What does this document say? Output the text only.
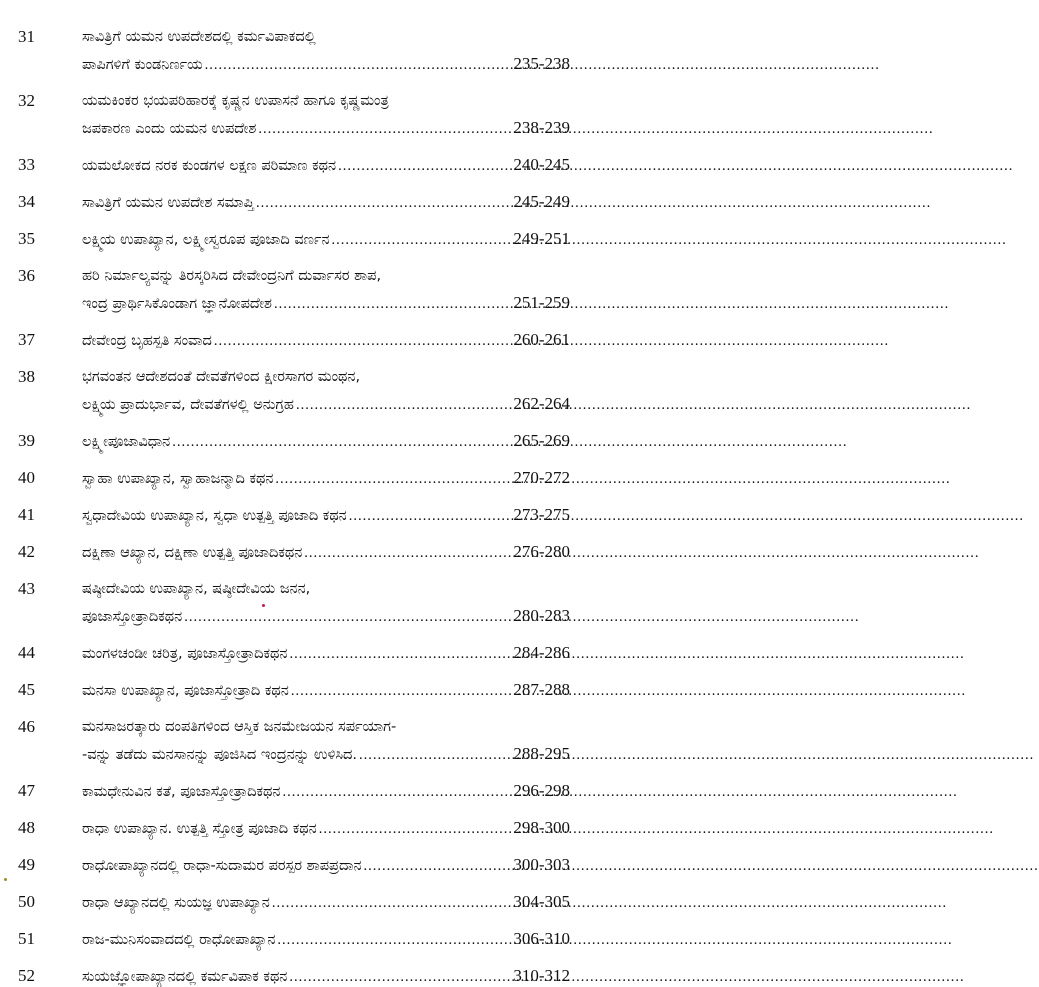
31	ಸಾವಿತ್ರಿಗೆ ಯಮನ ಉಪದೇಶದಲ್ಲಿ ಕರ್ಮವಿಪಾಕದಲ್ಲಿ
ಪಾಪಿಗಳಿಗೆ ಕುಂಡನಿರ್ಣಯ .....	235-238
32	ಯಮಕಿಂಕರ ಭಯಪರಿಹಾರಕ್ಕೆ ಕೃಷ್ಣನ ಉಪಾಸನೆ ಹಾಗೂ ಕೃಷ್ಣಮಂತ್ರ
ಜಪಕಾರಣ ಎಂದು ಯಮನ ಉಪದೇಶ .....	238-239
33	ಯಮಲೋಕದ ನರಕ ಕುಂಡಗಳ ಲಕ್ಷಣ ಪರಿಮಾಣ ಕಥನ .....	240-245
34	ಸಾವಿತ್ರಿಗೆ ಯಮನ ಉಪದೇಶ ಸಮಾಪ್ತಿ .....	245-249
35	ಲಕ್ಷ್ಮಿಯ ಉಪಾಖ್ಯಾನ, ಲಕ್ಷ್ಮೀಸ್ವರೂಪ ಪೂಜಾದಿ ವರ್ಣನ .....	249-251
36	ಹರಿ ನಿರ್ಮಾಲ್ಯವನ್ನು ತಿರಸ್ಕರಿಸಿದ ದೇವೇಂದ್ರನಿಗೆ ದುರ್ವಾಸರ ಶಾಪ,
ಇಂದ್ರ ಪ್ರಾರ್ಥಿಸಿಕೊಂಡಾಗ ಜ್ಞಾನೋಪದೇಶ .....	251-259
37	ದೇವೇಂದ್ರ ಬೃಹಸ್ಪತಿ ಸಂವಾದ .....	260-261
38	ಭಗವಂತನ ಆದೇಶದಂತೆ ದೇವತೆಗಳಿಂದ ಕ್ಷೀರಸಾಗರ ಮಂಥನ,
ಲಕ್ಷ್ಮಿಯ ಪ್ರಾದುರ್ಭಾವ, ದೇವತೆಗಳಲ್ಲಿ ಅನುಗ್ರಹ .....	262-264
39	ಲಕ್ಷ್ಮೀಪೂಜಾವಿಧಾನ .....	265-269
40	ಸ್ವಾಹಾ ಉಪಾಖ್ಯಾನ, ಸ್ವಾಹಾಜನ್ಮಾದಿ ಕಥನ .....	270-272
41	ಸ್ವಧಾದೇವಿಯ ಉಪಾಖ್ಯಾನ, ಸ್ವಧಾ ಉತ್ಪತ್ತಿ ಪೂಜಾದಿ ಕಥನ .....	273-275
42	ದಕ್ಷಿಣಾ ಆಖ್ಯಾನ, ದಕ್ಷಿಣಾ ಉತ್ಪತ್ತಿ ಪೂಜಾದಿಕಥನ .....	276-280
43	ಷಷ್ಠೀದೇವಿಯ ಉಪಾಖ್ಯಾನ, ಷಷ್ಠೀದೇವಿಯ ಜನನ,
ಪೂಜಾಸ್ತೋತ್ರಾದಿಕಥನ .....	280-283
44	ಮಂಗಳಚಂಡೀ ಚರಿತ್ರ, ಪೂಜಾಸ್ತೋತ್ರಾದಿಕಥನ .....	284-286
45	ಮನಸಾ ಉಪಾಖ್ಯಾನ, ಪೂಜಾಸ್ತೋತ್ರಾದಿ ಕಥನ .....	287-288
46	ಮನಸಾಜರತ್ಕಾರು ದಂಪತಿಗಳಿಂದ ಆಸ್ತಿಕ ಜನಮೇಜಯನ ಸರ್ಪಯಾಗ-
-ವನ್ನು ತಡೆದು ಮನಸಾನನ್ನು ಪೂಜಿಸಿದ ಇಂದ್ರನನ್ನು ಉಳಿಸಿದ. .....	288-295
47	ಕಾಮಧೇನುವಿನ ಕತೆ, ಪೂಜಾಸ್ತೋತ್ರಾದಿಕಥನ .....	296-298
48	ರಾಧಾ ಉಪಾಖ್ಯಾನ. ಉತ್ಪತ್ತಿ ಸ್ತೋತ್ರ ಪೂಜಾದಿ ಕಥನ .....	298-300
49	ರಾಧೋಪಾಖ್ಯಾನದಲ್ಲಿ ರಾಧಾ-ಸುದಾಮರ ಪರಸ್ಪರ ಶಾಪಪ್ರದಾನ .....	300-303
50	ರಾಧಾ ಆಖ್ಯಾನದಲ್ಲಿ ಸುಯಜ್ಞ ಉಪಾಖ್ಯಾನ .....	304-305
51	ರಾಜ-ಮುನಿಸಂವಾದದಲ್ಲಿ ರಾಧೋಪಾಖ್ಯಾನ .....	306-310
52	ಸುಯಜ್ಞೋಪಾಖ್ಯಾನದಲ್ಲಿ ಕರ್ಮವಿಪಾಕ ಕಥನ .....	310-312
